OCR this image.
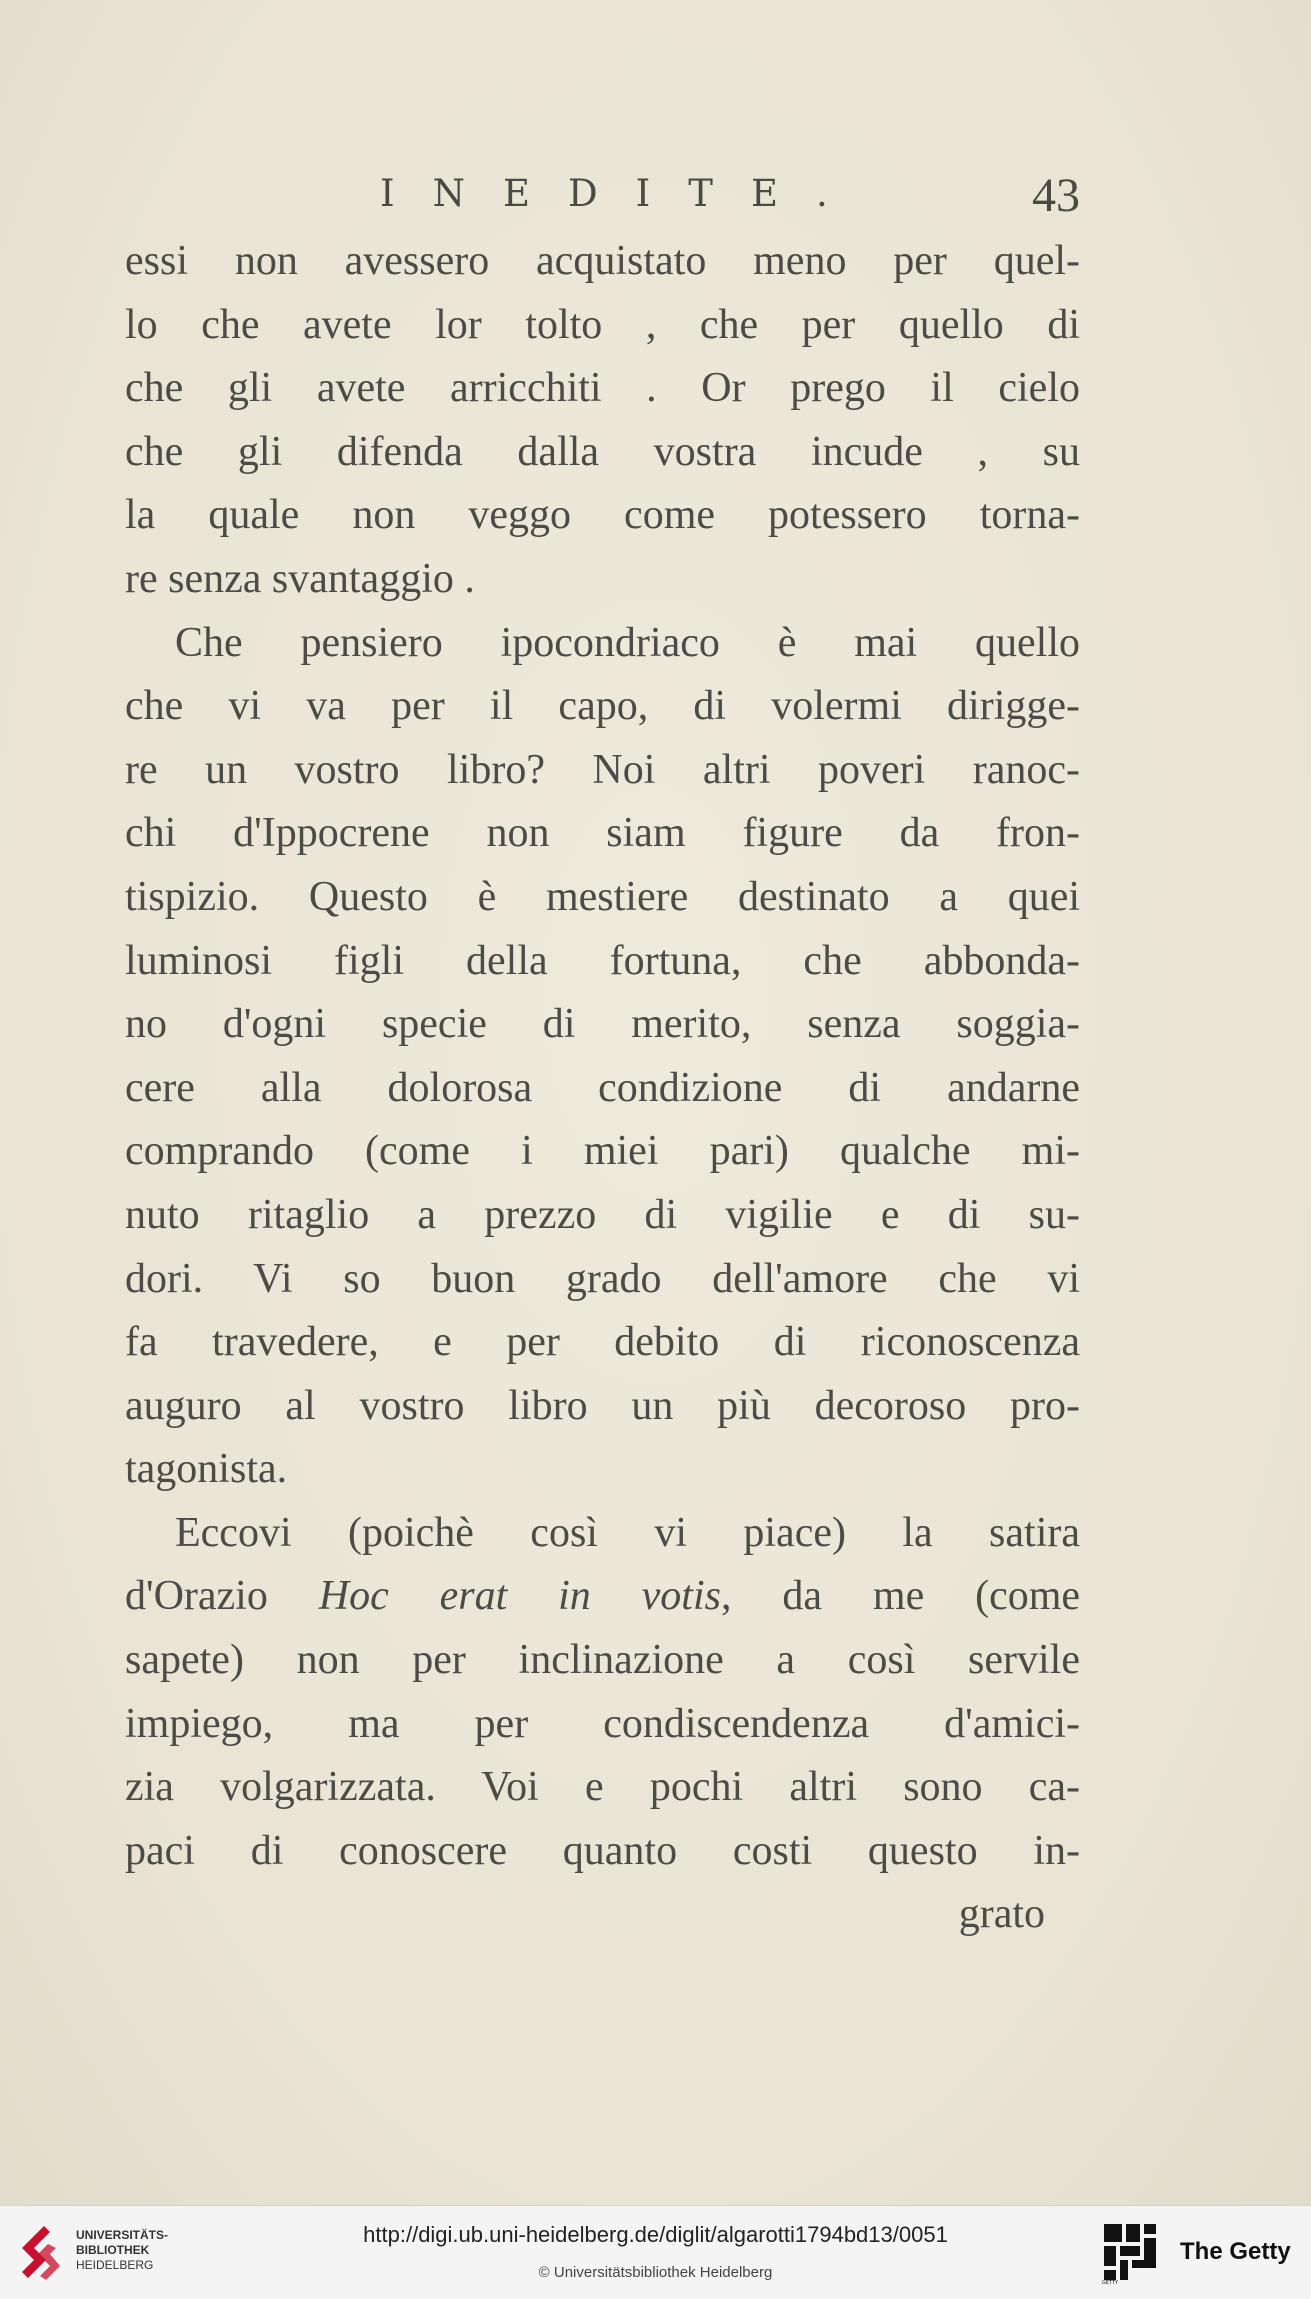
INEDITE.	43
essi non avessero acquistato meno per quel-
lo che avete lor tolto , che per quello di
che gli avete arricchiti . Or prego il cielo
che gli difenda dalla vostra incude , su
la quale non veggo come potessero torna-
re senza svantaggio .
Che pensiero ipocondriaco è mai quello
che vi va per il capo, di volermi dirigge-
re un vostro libro? Noi altri poveri ranoc-
chi d'Ippocrene non siam figure da fron-
tispizio. Questo è mestiere destinato a quei
luminosi figli della fortuna, che abbonda-
no d'ogni specie di merito, senza soggia-
cere alla dolorosa condizione di andarne
comprando (come i miei pari) qualche mi-
nuto ritaglio a prezzo di vigilie e di su-
dori. Vi so buon grado dell'amore che vi
fa travedere, e per debito di riconoscenza
auguro al vostro libro un più decoroso pro-
tagonista.
Eccovi (poichè così vi piace) la satira
d'Orazio Hoc erat in votis, da me (come
sapete) non per inclinazione a così servile
impiego, ma per condiscendenza d'amici-
zia volgarizzata. Voi e pochi altri sono ca-
paci di conoscere quanto costi questo in-
grato
UNIVERSITÄTS-
BIBLIOTHEK
HEIDELBERG
http://digi.ub.uni-heidelberg.de/diglit/algarotti1794bd13/0051
© Universitätsbibliothek Heidelberg
GETTY
The Getty
